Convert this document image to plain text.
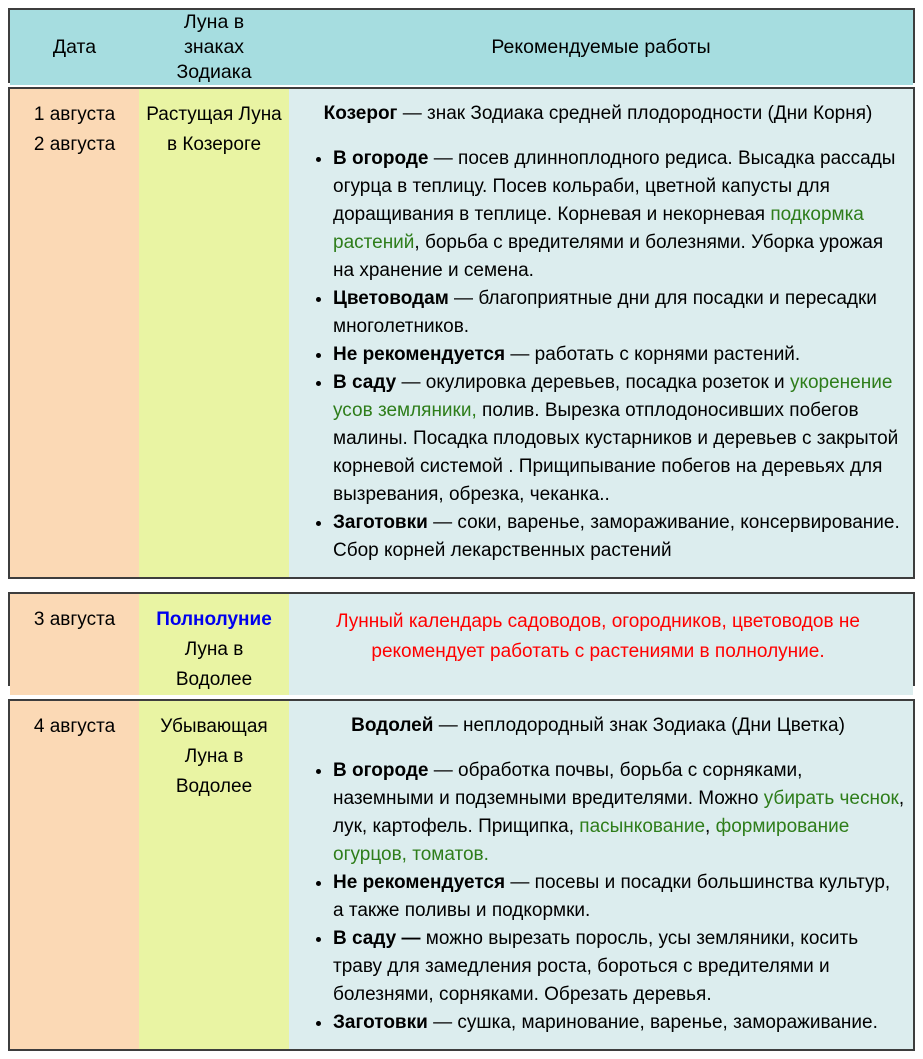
Дата
Луна в
знаках
Зодиака
Рекомендуемые работы
1 августа
2 августа
Растущая Луна
в Козероге
Козерог — знак Зодиака средней плодородности (Дни Корня)
• В огороде — посев длинноплодного редиса. Высадка рассады огурца в теплицу. Посев кольраби, цветной капусты для доращивания в теплице. Корневая и некорневая подкормка растений, борьба с вредителями и болезнями. Уборка урожая на хранение и семена.
• Цветоводам — благоприятные дни для посадки и пересадки многолетников.
• Не рекомендуется — работать с корнями растений.
• В саду — окулировка деревьев, посадка розеток и укоренение усов земляники, полив. Вырезка отплодоносивших побегов малины. Посадка плодовых кустарников и деревьев с закрытой корневой системой . Прищипывание побегов на деревьях для вызревания, обрезка, чеканка..
• Заготовки — соки, варенье, замораживание, консервирование. Сбор корней лекарственных растений
3 августа	Полнолуние
Луна в
Водолее
Лунный календарь садоводов, огородников, цветоводов не рекомендует работать с растениями в полнолуние.
4 августа	Убывающая
Луна в
Водолее
Водолей — неплодородный знак Зодиака (Дни Цветка)
• В огороде — обработка почвы, борьба с сорняками, наземными и подземными вредителями. Можно убирать чеснок, лук, картофель. Прищипка, пасынкование, формирование огурцов, томатов.
• Не рекомендуется — посевы и посадки большинства культур, а также поливы и подкормки.
• В саду — можно вырезать поросль, усы земляники, косить траву для замедления роста, бороться с вредителями и болезнями, сорняками. Обрезать деревья.
• Заготовки — сушка, маринование, варенье, замораживание.
